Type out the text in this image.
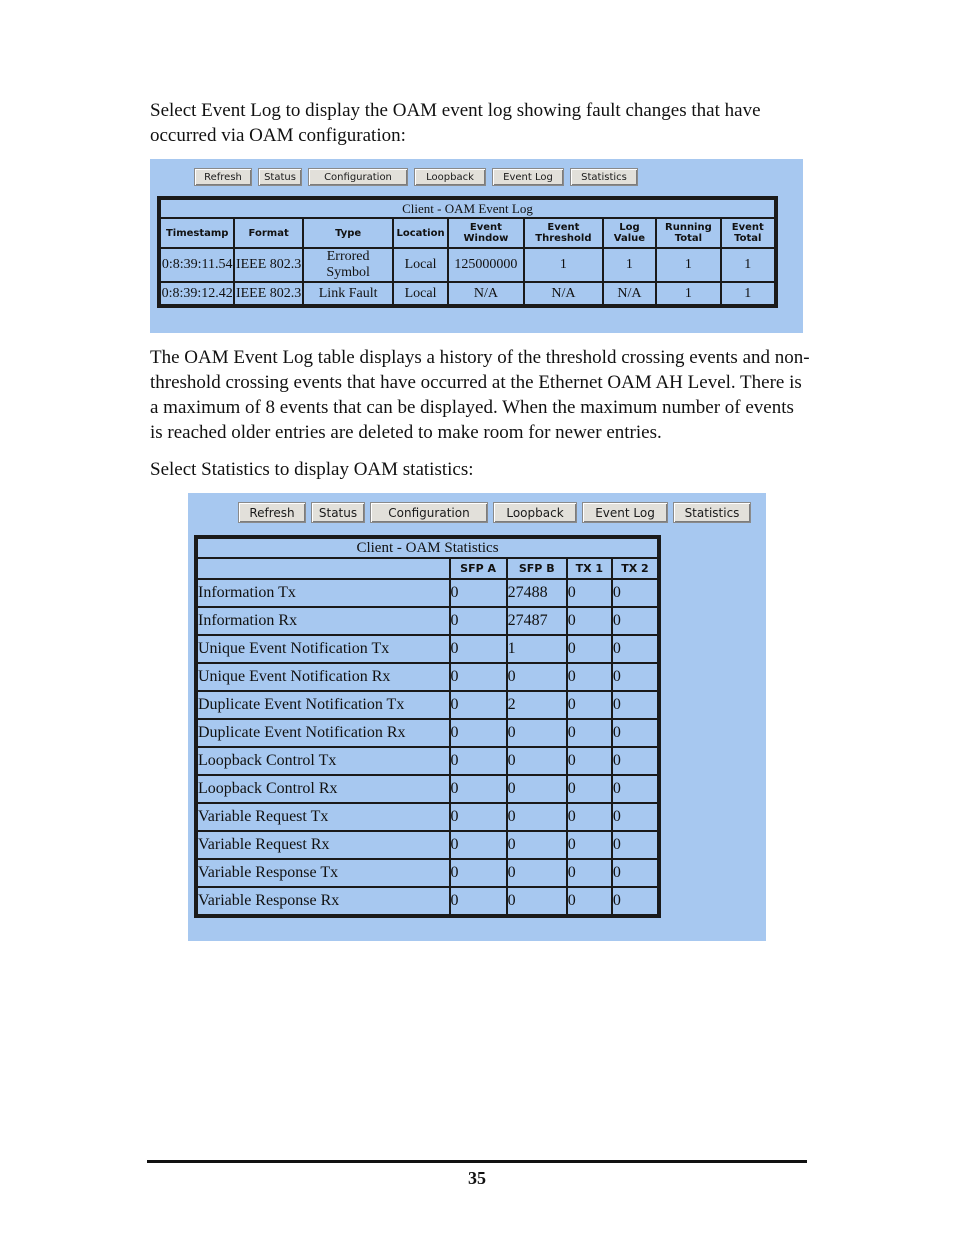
Select Event Log to display the OAM event log showing fault changes that have occurred via OAM configuration:

Refresh	Status	Configuration	Loopback	Event Log	Statistics
Client - OAM Event Log								
Timestamp	Format	Type	Location	Event Window	Event Threshold	Log Value	Running Total	Event Total
0:8:39:11.54	IEEE 802.3	Errored Symbol	Local	125000000	1	1	1	1
0:8:39:12.42	IEEE 802.3	Link Fault	Local	N/A	N/A	N/A	1	1

The OAM Event Log table displays a history of the threshold crossing events and non-threshold crossing events that have occurred at the Ethernet OAM AH Level. There is a maximum of 8 events that can be displayed. When the maximum number of events is reached older entries are deleted to make room for newer entries.

Select Statistics to display OAM statistics:

Refresh	Status	Configuration	Loopback	Event Log	Statistics
Client - OAM Statistics				
	SFP A	SFP B	TX 1	TX 2
Information Tx	0	27488	0	0
Information Rx	0	27487	0	0
Unique Event Notification Tx	0	1	0	0
Unique Event Notification Rx	0	0	0	0
Duplicate Event Notification Tx	0	2	0	0
Duplicate Event Notification Rx	0	0	0	0
Loopback Control Tx	0	0	0	0
Loopback Control Rx	0	0	0	0
Variable Request Tx	0	0	0	0
Variable Request Rx	0	0	0	0
Variable Response Tx	0	0	0	0
Variable Response Rx	0	0	0	0
35
